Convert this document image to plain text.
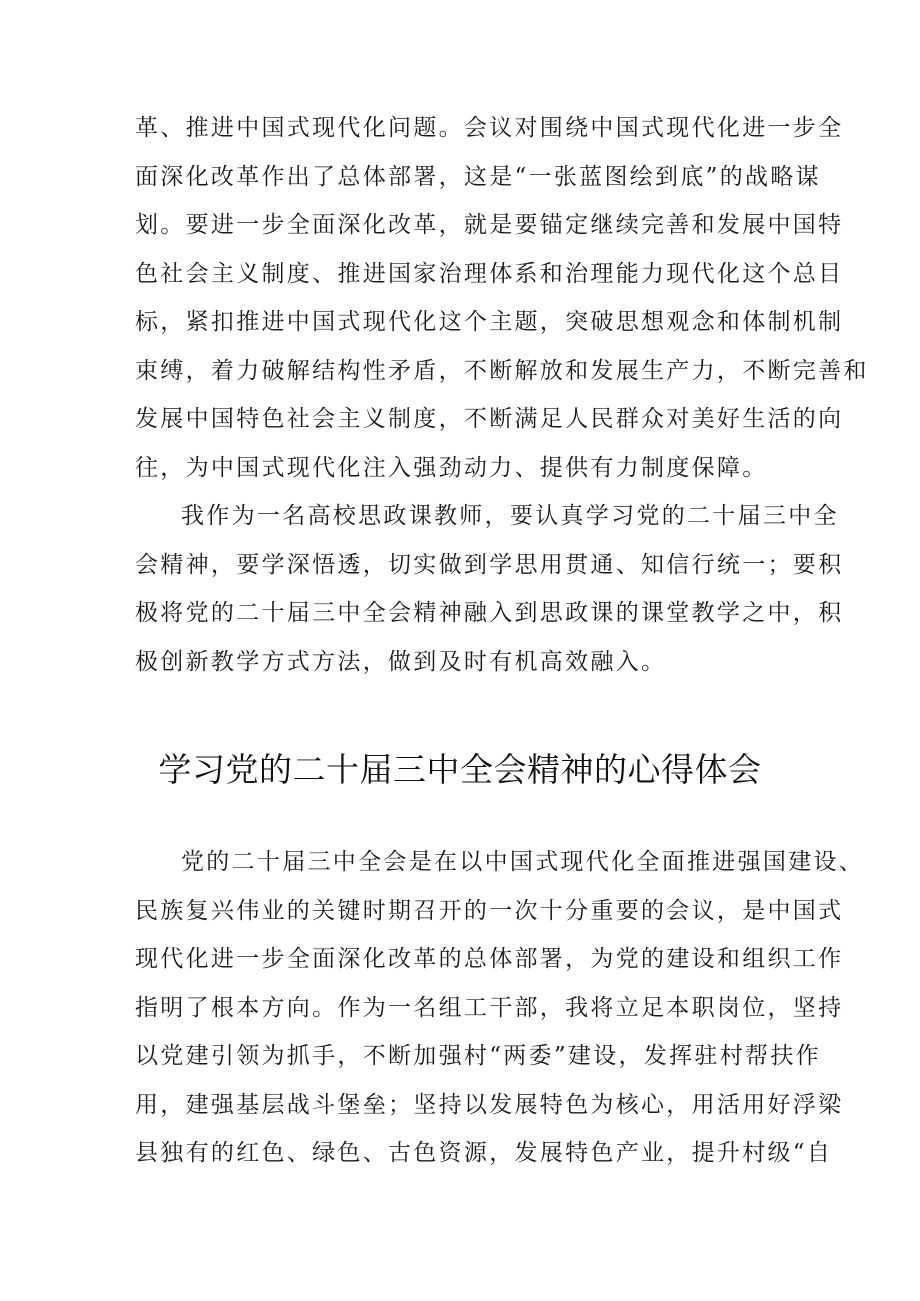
革、推进中国式现代化问题。会议对围绕中国式现代化进一步全
面深化改革作出了总体部署，这是“一张蓝图绘到底”的战略谋
划。要进一步全面深化改革，就是要锚定继续完善和发展中国特
色社会主义制度、推进国家治理体系和治理能力现代化这个总目
标，紧扣推进中国式现代化这个主题，突破思想观念和体制机制
束缚，着力破解结构性矛盾，不断解放和发展生产力，不断完善和
发展中国特色社会主义制度，不断满足人民群众对美好生活的向
往，为中国式现代化注入强劲动力、提供有力制度保障。
我作为一名高校思政课教师，要认真学习党的二十届三中全
会精神，要学深悟透，切实做到学思用贯通、知信行统一；要积
极将党的二十届三中全会精神融入到思政课的课堂教学之中，积
极创新教学方式方法，做到及时有机高效融入。
学习党的二十届三中全会精神的心得体会
党的二十届三中全会是在以中国式现代化全面推进强国建设、
民族复兴伟业的关键时期召开的一次十分重要的会议，是中国式
现代化进一步全面深化改革的总体部署，为党的建设和组织工作
指明了根本方向。作为一名组工干部，我将立足本职岗位，坚持
以党建引领为抓手，不断加强村“两委”建设，发挥驻村帮扶作
用，建强基层战斗堡垒；坚持以发展特色为核心，用活用好浮梁
县独有的红色、绿色、古色资源，发展特色产业，提升村级“自
